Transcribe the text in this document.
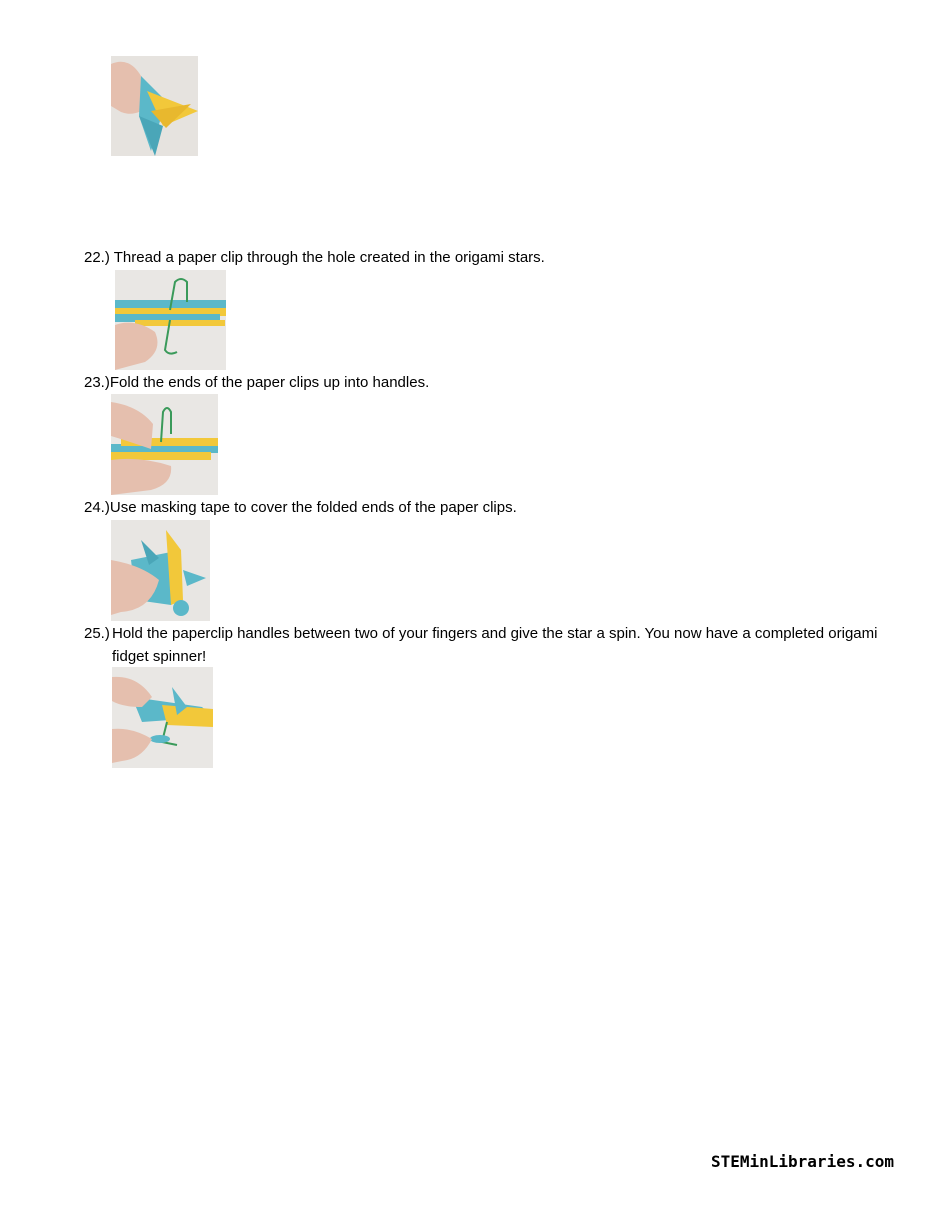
22.) Thread a paper clip through the hole created in the origami stars.
23.)Fold the ends of the paper clips up into handles.
24.)Use masking tape to cover the folded ends of the paper clips.
25.) Hold the paperclip handles between two of your fingers and give the star a spin. You now have a completed origami fidget spinner!
STEMinLibraries.com
